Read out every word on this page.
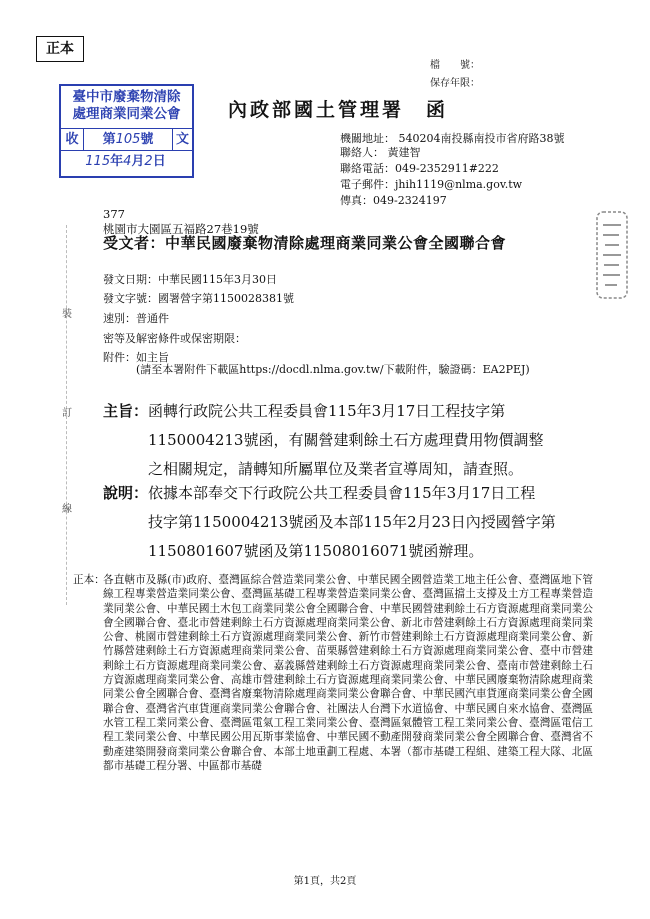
正本
檔　　號：
保存年限：
臺中市廢棄物清除
處理商業同業公會
收	第105號	文
115年4月2日
內政部國土管理署　函
機關地址： 540204南投縣南投市省府路38號
聯絡人： 黃建智
聯絡電話：049-2352911#222
電子郵件：jhih1119@nlma.gov.tw
傳真：049-2324197
377
桃園市大園區五福路27巷19號
受文者：中華民國廢棄物清除處理商業同業公會全國聯合會
發文日期：中華民國115年3月30日
發文字號：國署營字第1150028381號
速別：普通件
密等及解密條件或保密期限：
附件：如主旨
(請至本署附件下載區https://docdl.nlma.gov.tw/下載附件，驗證碼：EA2PEJ)
裝
訂
線
主旨： 函轉行政院公共工程委員會115年3月17日工程技字第
1150004213號函，有關營建剩餘土石方處理費用物價調整
之相關規定，請轉知所屬單位及業者宣導周知，請查照。
說明： 依據本部奉交下行政院公共工程委員會115年3月17日工程
技字第1150004213號函及本部115年2月23日內授國營字第
1150801607號函及第11508016071號函辦理。
正本：
各直轄市及縣(市)政府、臺灣區綜合營造業同業公會、中華民國全國營造業工地主任公會、臺灣區地下管線工程專業營造業同業公會、臺灣區基礎工程專業營造業同業公會、臺灣區擋土支撐及土方工程專業營造業同業公會、中華民國土木包工商業同業公會全國聯合會、中華民國營建剩餘土石方資源處理商業同業公會全國聯合會、臺北市營建剩餘土石方資源處理商業同業公會、新北市營建剩餘土石方資源處理商業同業公會、桃園市營建剩餘土石方資源處理商業同業公會、新竹市營建剩餘土石方資源處理商業同業公會、新竹縣營建剩餘土石方資源處理商業同業公會、苗栗縣營建剩餘土石方資源處理商業同業公會、臺中市營建剩餘土石方資源處理商業同業公會、嘉義縣營建剩餘土石方資源處理商業同業公會、臺南市營建剩餘土石方資源處理商業同業公會、高雄市營建剩餘土石方資源處理商業同業公會、中華民國廢棄物清除處理商業同業公會全國聯合會、臺灣省廢棄物清除處理商業同業公會聯合會、中華民國汽車貨運商業同業公會全國聯合會、臺灣省汽車貨運商業同業公會聯合會、社團法人台灣下水道協會、中華民國自來水協會、臺灣區水管工程工業同業公會、臺灣區電氣工程工業同業公會、臺灣區氣體管工程工業同業公會、臺灣區電信工程工業同業公會、中華民國公用瓦斯事業協會、中華民國不動產開發商業同業公會全國聯合會、臺灣省不動產建築開發商業同業公會聯合會、本部土地重劃工程處、本署（都市基礎工程組、建築工程大隊、北區都市基礎工程分署、中區都市基礎
第1頁，共2頁
